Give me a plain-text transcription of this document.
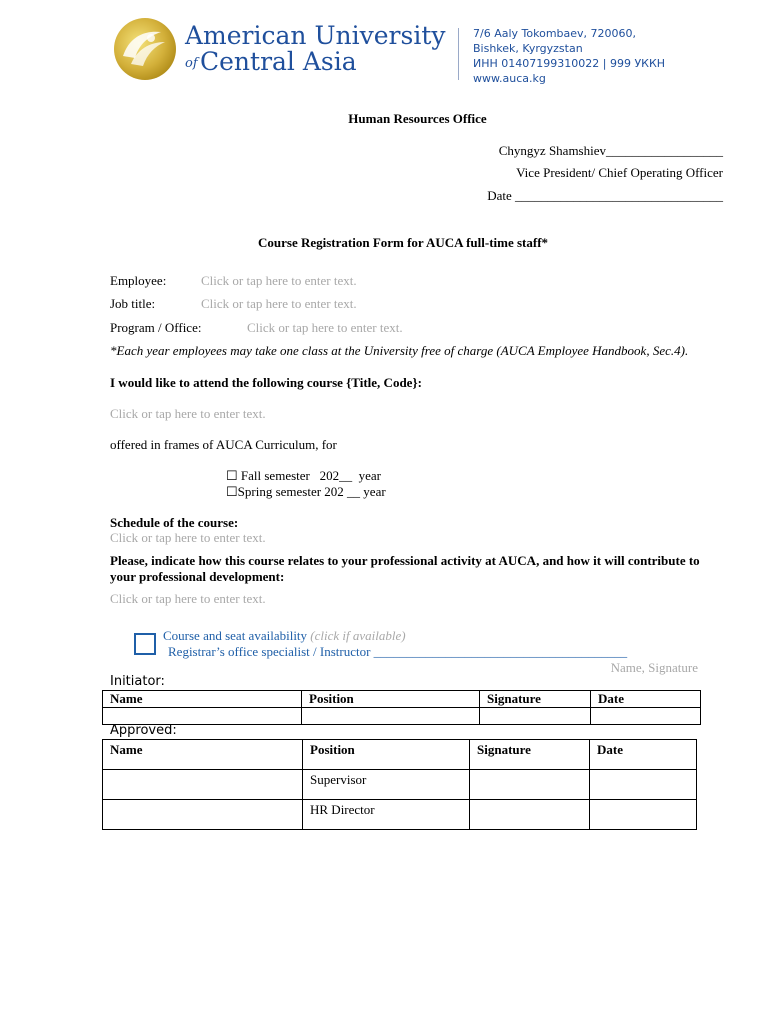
American University
of Central Asia
7/6 Aaly Tokombaev, 720060,
Bishkek, Kyrgyzstan
ИНН 01407199310022 | 999 УККН
www.auca.kg
Human Resources Office
Chyngyz Shamshiev__________________
Vice President/ Chief Operating Officer
Date ________________________________
Course Registration Form for AUCA full-time staff*
Employee:	Click or tap here to enter text.
Job title:	Click or tap here to enter text.
Program / Office:	Click or tap here to enter text.
*Each year employees may take one class at the University free of charge (AUCA Employee Handbook, Sec.4).
I would like to attend the following course {Title, Code}:
Click or tap here to enter text.
offered in frames of AUCA Curriculum, for
☐ Fall semester   202__  year
☐Spring semester 202 __ year
Schedule of the course:
Click or tap here to enter text.
Please, indicate how this course relates to your professional activity at AUCA, and how it will contribute to your professional development:
Click or tap here to enter text.
Course and seat availability (click if available)
Registrar’s office specialist / Instructor _______________________________________
Name, Signature
Initiator:
Name	Position	Signature	Date

Approved:
Name	Position	Signature	Date
	Supervisor		
	HR Director		
